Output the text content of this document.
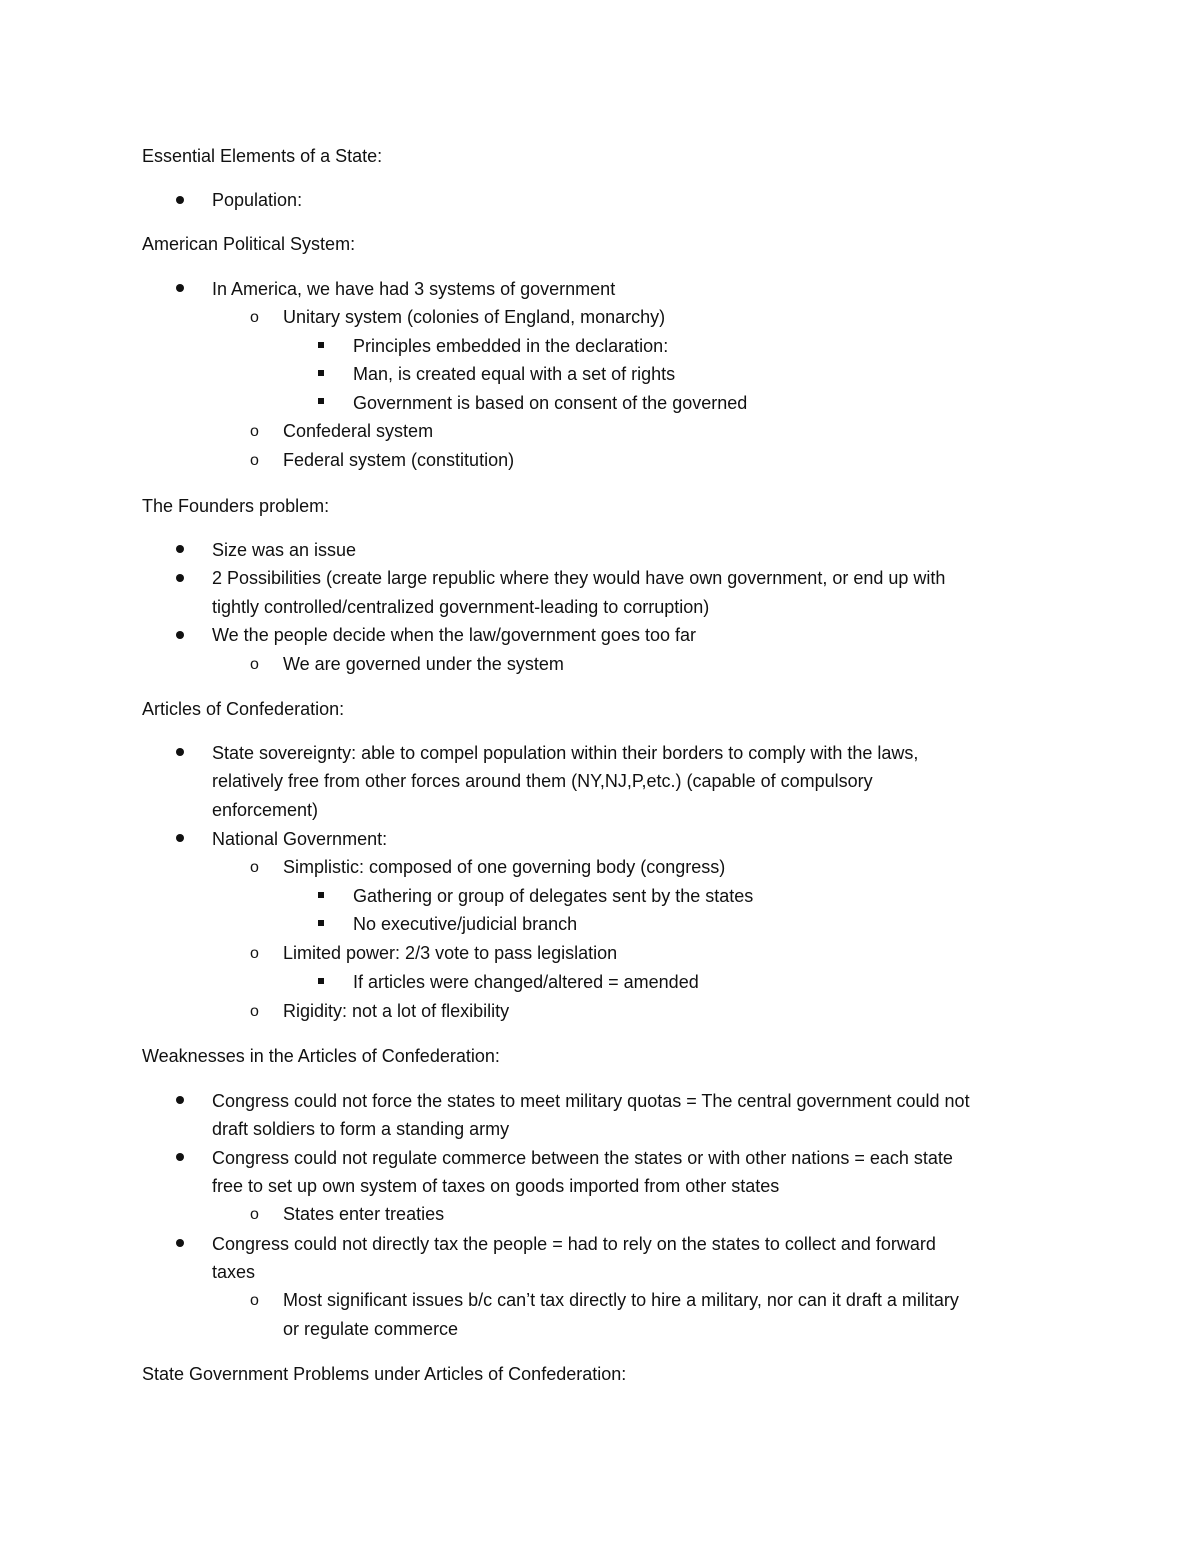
Essential Elements of a State:
Population:
American Political System:
In America, we have had 3 systems of government
o Unitary system (colonies of England, monarchy)
Principles embedded in the declaration:
Man, is created equal with a set of rights
Government is based on consent of the governed
o Confederal system
o Federal system (constitution)
The Founders problem:
Size was an issue
2 Possibilities (create large republic where they would have own government, or end up with
tightly controlled/centralized government-leading to corruption)
We the people decide when the law/government goes too far
o We are governed under the system
Articles of Confederation:
State sovereignty: able to compel population within their borders to comply with the laws,
relatively free from other forces around them (NY,NJ,P,etc.) (capable of compulsory
enforcement)
National Government:
o Simplistic: composed of one governing body (congress)
Gathering or group of delegates sent by the states
No executive/judicial branch
o Limited power: 2/3 vote to pass legislation
If articles were changed/altered = amended
o Rigidity: not a lot of flexibility
Weaknesses in the Articles of Confederation:
Congress could not force the states to meet military quotas = The central government could not
draft soldiers to form a standing army
Congress could not regulate commerce between the states or with other nations = each state
free to set up own system of taxes on goods imported from other states
o States enter treaties
Congress could not directly tax the people = had to rely on the states to collect and forward
taxes
o Most significant issues b/c can’t tax directly to hire a military, nor can it draft a military
or regulate commerce
State Government Problems under Articles of Confederation:
